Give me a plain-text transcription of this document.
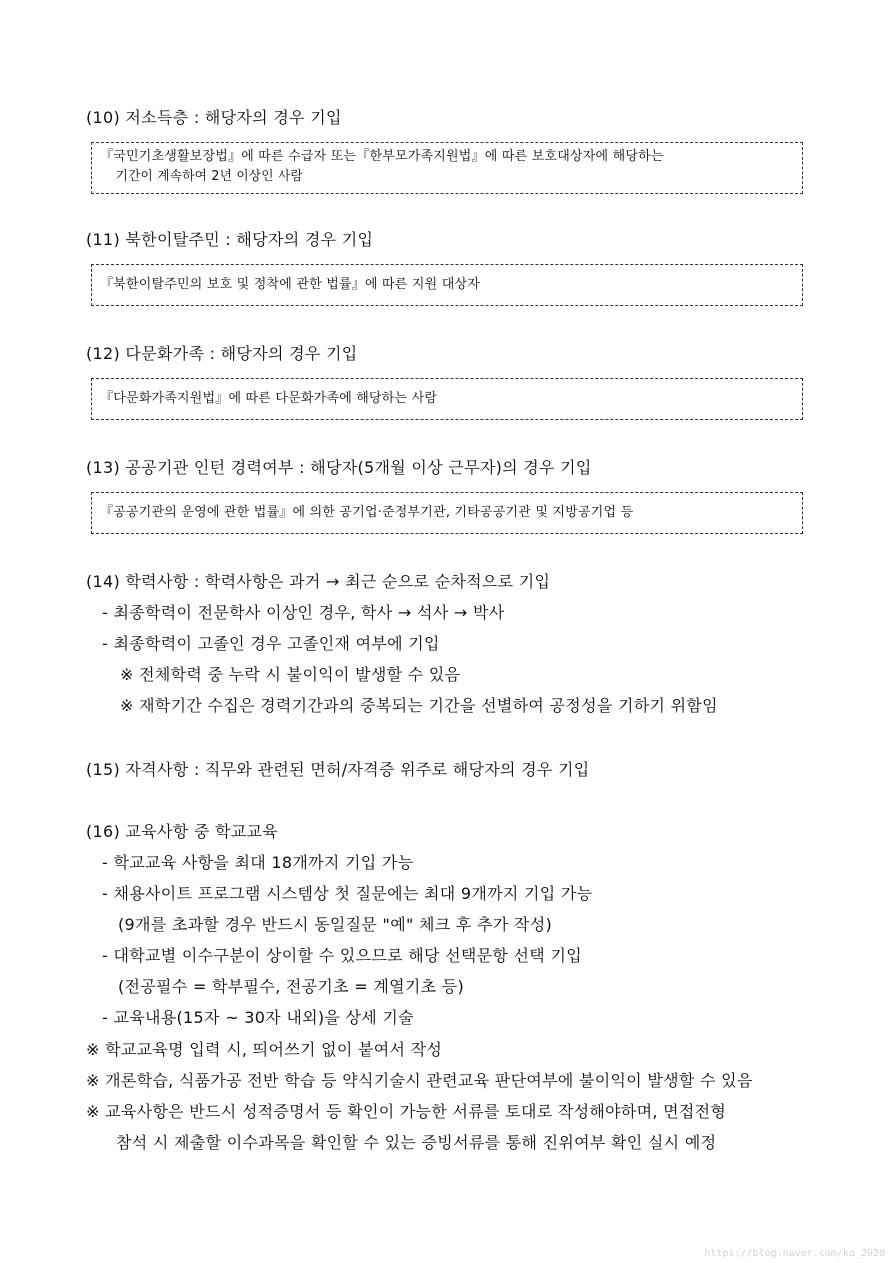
(10) 저소득층 : 해당자의 경우 기입
『국민기초생활보장법』에 따른 수급자 또는『한부모가족지원법』에 따른 보호대상자에 해당하는
기간이 계속하여 2년 이상인 사람
(11) 북한이탈주민 : 해당자의 경우 기입
『북한이탈주민의 보호 및 정착에 관한 법률』에 따른 지원 대상자
(12) 다문화가족 : 해당자의 경우 기입
『다문화가족지원법』에 따른 다문화가족에 해당하는 사람
(13) 공공기관 인턴 경력여부 : 해당자(5개월 이상 근무자)의 경우 기입
『공공기관의 운영에 관한 법률』에 의한 공기업·준정부기관, 기타공공기관 및 지방공기업 등
(14) 학력사항 : 학력사항은 과거 → 최근 순으로 순차적으로 기입
- 최종학력이 전문학사 이상인 경우, 학사 → 석사 → 박사
- 최종학력이 고졸인 경우 고졸인재 여부에 기입
※ 전체학력 중 누락 시 불이익이 발생할 수 있음
※ 재학기간 수집은 경력기간과의 중복되는 기간을 선별하여 공정성을 기하기 위함임
(15) 자격사항 : 직무와 관련된 면허/자격증 위주로 해당자의 경우 기입
(16) 교육사항 중 학교교육
- 학교교육 사항을 최대 18개까지 기입 가능
- 채용사이트 프로그램 시스템상 첫 질문에는 최대 9개까지 기입 가능
(9개를 초과할 경우 반드시 동일질문 "예" 체크 후 추가 작성)
- 대학교별 이수구분이 상이할 수 있으므로 해당 선택문항 선택 기입
(전공필수 = 학부필수, 전공기초 = 계열기초 등)
- 교육내용(15자 ~ 30자 내외)을 상세 기술
※ 학교교육명 입력 시, 띄어쓰기 없이 붙여서 작성
※ 개론학습, 식품가공 전반 학습 등 약식기술시 관련교육 판단여부에 불이익이 발생할 수 있음
※ 교육사항은 반드시 성적증명서 등 확인이 가능한 서류를 토대로 작성해야하며, 면접전형
참석 시 제출할 이수과목을 확인할 수 있는 증빙서류를 통해 진위여부 확인 실시 예정
https://blog.naver.com/ka_2020
